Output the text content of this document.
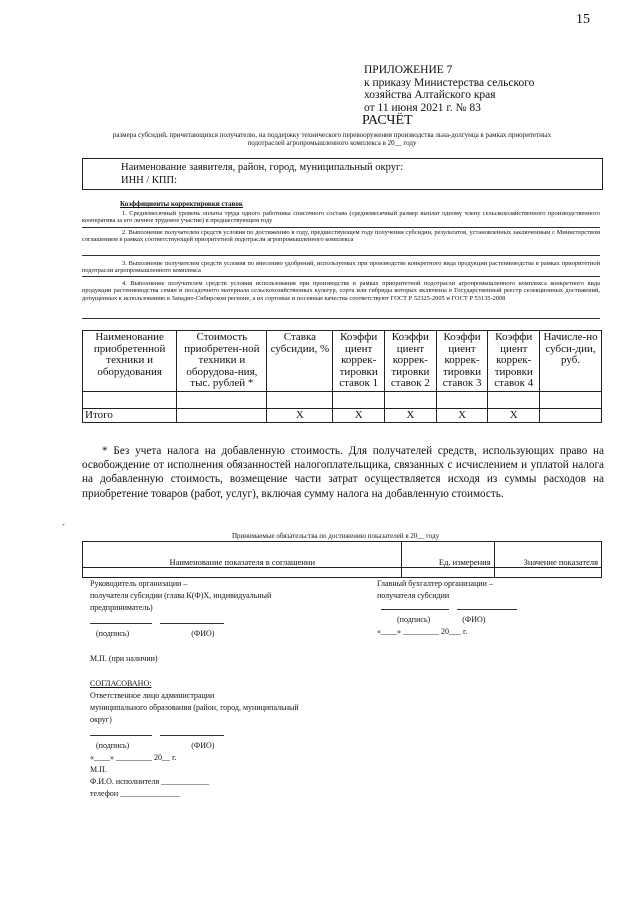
15
ПРИЛОЖЕНИЕ 7
к приказу Министерства сельского
хозяйства Алтайского края
от 11 июня 2021 г. № 83
РАСЧЁТ
размера субсидий, причитающихся получателю, на поддержку технического перевооружения производства льна-долгунца в рамках приоритетных подотраслей агропромышленного комплекса в 20__ году
Наименование заявителя, район, город, муниципальный округ:
ИНН / КПП:
Коэффициенты корректировки ставок
1. Среднемесячный уровень оплаты труда одного работника списочного состава (среднемесячный размер выплат одному члену сельскохозяйственного производственного кооператива за его личное трудовое участие) в предшествующем году
2. Выполнение получателем средств условия по достижению в году, предшествующем году получения субсидии, результатов, установленных заключенным с Министерством соглашением в рамках соответствующей приоритетной подотрасли агропромышленного комплекса
3. Выполнение получателем средств условия по внесению удобрений, используемых при производстве конкретного вида продукции растениеводства в рамках приоритетной подотрасли агропромышленного комплекса
4. Выполнение получателем средств условия использования при производстве в рамках приоритетной подотрасли агропромышленного комплекса конкретного вида продукции растениеводства семян и посадочного материала сельскохозяйственных культур, сорта или гибриды которых включены в Государственный реестр селекционных достижений, допущенных к использованию в Западно-Сибирском регионе, а их сортовые и посевные качества соответствуют ГОСТ Р 52325-2005 и ГОСТ Р 53135-2008
Наименование приобретенной техники и оборудования	Стоимость приобретен-ной техники и оборудова-ния, тыс. рублей *	Ставка субсидии, %	Коэффи циент коррек-тировки ставок 1	Коэффи циент коррек-тировки ставок 2	Коэффи циент коррек-тировки ставок 3	Коэффи циент коррек-тировки ставок 4	Начисле-но субси-дии, руб.

Итого		X	X	X	X	X	
* Без учета налога на добавленную стоимость. Для получателей средств, использующих право на освобождение от исполнения обязанностей налогоплательщика, связанных с исчислением и уплатой налога на добавленную стоимость, возмещение части затрат осуществляется исходя из суммы расходов на приобретение товаров (работ, услуг), включая сумму налога на добавленную стоимость.
-
Принимаемые обязательства по достижению показателей в 20__ году
Наименование показателя в соглашении	Ед. измерения	Значение показателя

Руководитель организации –
получателя субсидии (глава К(Ф)Х, индивидуальный
предприниматель)

(подпись)	(ФИО)
М.П. (при наличии)
Главный бухгалтер организации –
получателя субсидии

(подпись)	(ФИО)
«____» _________ 20___ г.
СОГЛАСОВАНО:
Ответственное лицо администрации
муниципального образования (район, город, муниципальный
округ)

(подпись)	(ФИО)
«____» _________ 20__ г.
М.П.
Ф.И.О. исполнителя ____________
телефон _______________
